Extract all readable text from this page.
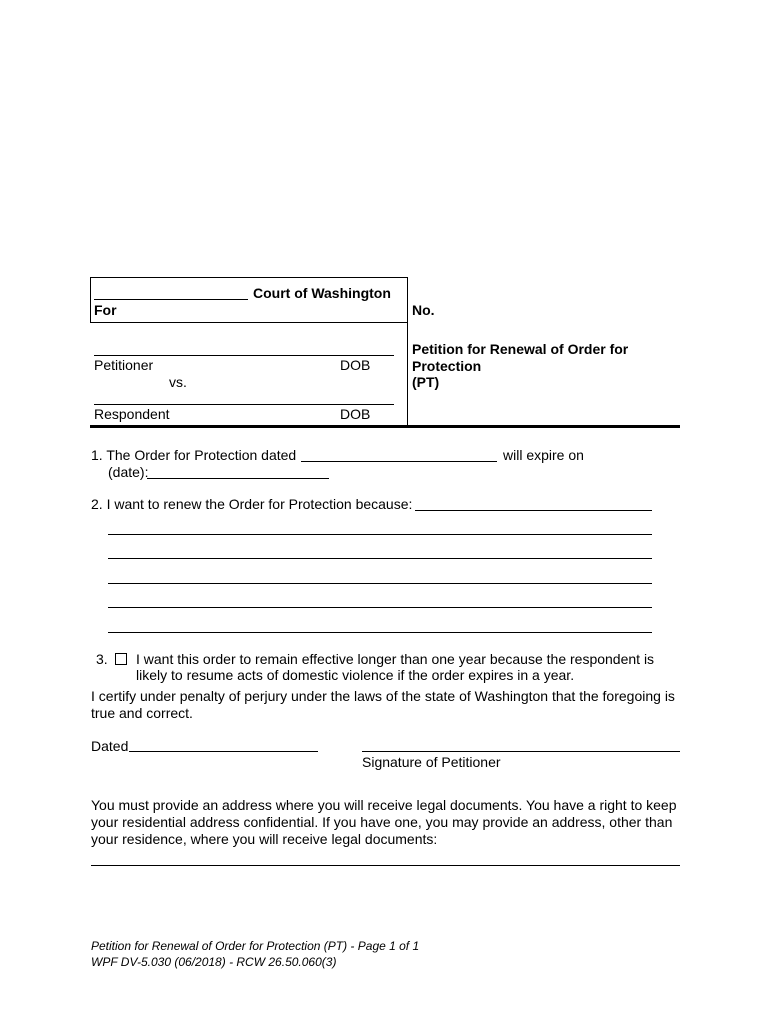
Court of Washington
For	No.
Petitioner	DOB
vs.
Respondent	DOB
Petition for Renewal of Order for
Protection
(PT)
1. The Order for Protection dated	will expire on
(date):
2. I want to renew the Order for Protection because:
3. I want this order to remain effective longer than one year because the respondent is
likely to resume acts of domestic violence if the order expires in a year.
I certify under penalty of perjury under the laws of the state of Washington that the foregoing is
true and correct.
Dated
Signature of Petitioner
You must provide an address where you will receive legal documents. You have a right to keep
your residential address confidential. If you have one, you may provide an address, other than
your residence, where you will receive legal documents:
Petition for Renewal of Order for Protection (PT) - Page 1 of 1
WPF DV-5.030 (06/2018) - RCW 26.50.060(3)
